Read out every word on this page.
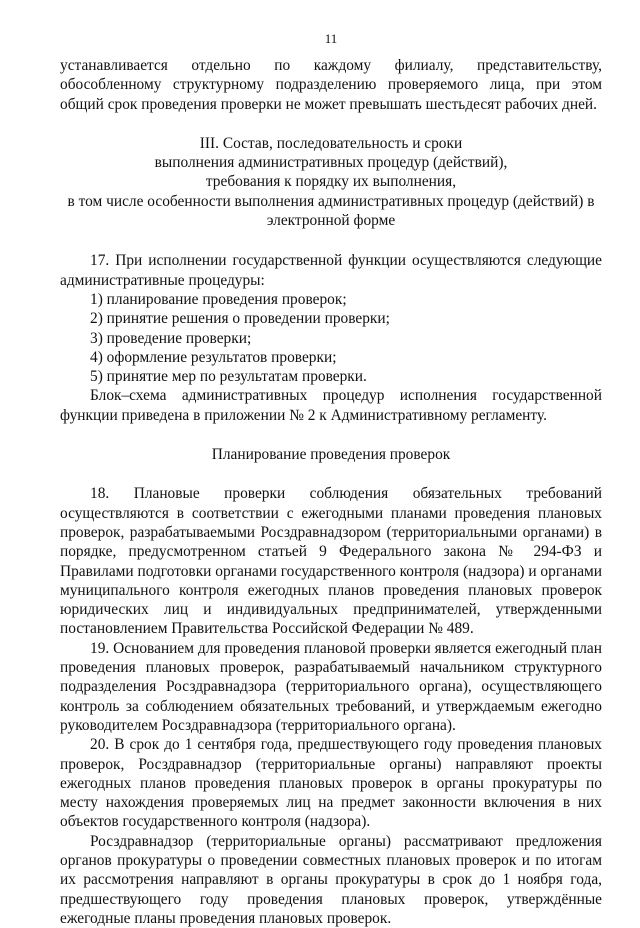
11

устанавливается отдельно по каждому филиалу, представительству, обособленному структурному подразделению проверяемого лица, при этом общий срок проведения проверки не может превышать шестьдесят рабочих дней.

III. Состав, последовательность и сроки
выполнения административных процедур (действий),
требования к порядку их выполнения,
в том числе особенности выполнения административных процедур (действий) в
электронной форме

17. При исполнении государственной функции осуществляются следующие административные процедуры:

1) планирование проведения проверок;

2) принятие решения о проведении проверки;

3) проведение проверки;

4) оформление результатов проверки;

5) принятие мер по результатам проверки.

Блок–схема административных процедур исполнения государственной функции приведена в приложении № 2 к Административному регламенту.

Планирование проведения проверок

18. Плановые проверки соблюдения обязательных требований осуществляются в соответствии с ежегодными планами проведения плановых проверок, разрабатываемыми Росздравнадзором (территориальными органами) в порядке, предусмотренном статьей 9 Федерального закона № 294-ФЗ и Правилами подготовки органами государственного контроля (надзора) и органами муниципального контроля ежегодных планов проведения плановых проверок юридических лиц и индивидуальных предпринимателей, утвержденными постановлением Правительства Российской Федерации № 489.

19. Основанием для проведения плановой проверки является ежегодный план проведения плановых проверок, разрабатываемый начальником структурного подразделения Росздравнадзора (территориального органа), осуществляющего контроль за соблюдением обязательных требований, и утверждаемым ежегодно руководителем Росздравнадзора (территориального органа).

20. В срок до 1 сентября года, предшествующего году проведения плановых проверок, Росздравнадзор (территориальные органы) направляют проекты ежегодных планов проведения плановых проверок в органы прокуратуры по месту нахождения проверяемых лиц на предмет законности включения в них объектов государственного контроля (надзора).

Росздравнадзор (территориальные органы) рассматривают предложения органов прокуратуры о проведении совместных плановых проверок и по итогам их рассмотрения направляют в органы прокуратуры в срок до 1 ноября года, предшествующего году проведения плановых проверок, утверждённые ежегодные планы проведения плановых проверок.
